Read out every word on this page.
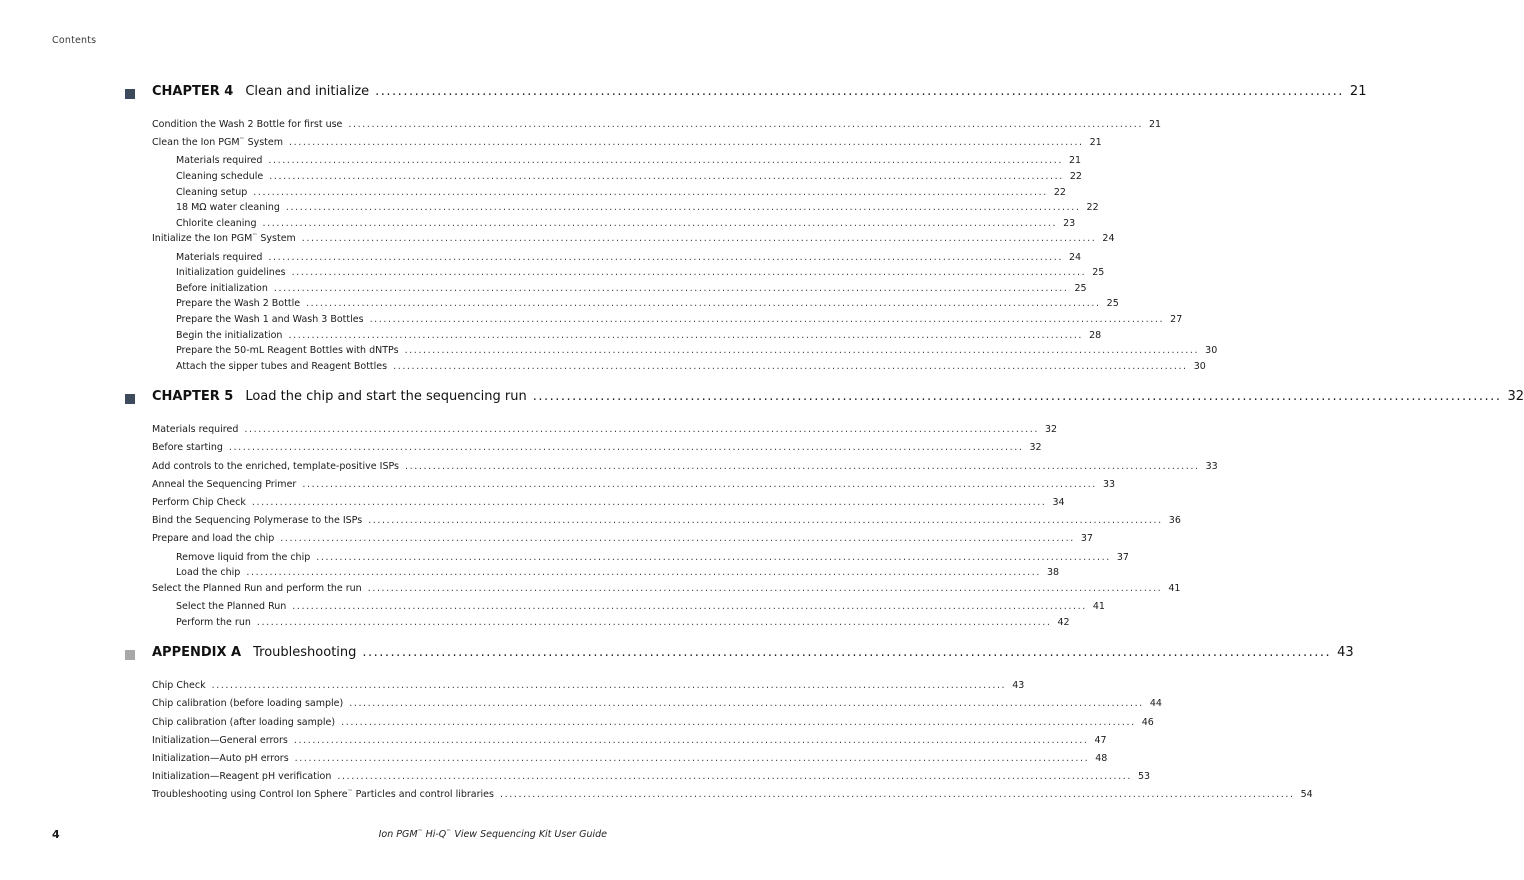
Contents
CHAPTER 4 Clean and initialize ............................................................................................................................................................................ 21
Condition the Wash 2 Bottle for first use ............................................................................................................................................................................ 21
Clean the Ion PGM™ System ............................................................................................................................................................................ 21
Materials required ............................................................................................................................................................................ 21
Cleaning schedule ............................................................................................................................................................................ 22
Cleaning setup ............................................................................................................................................................................ 22
18 MΩ water cleaning ............................................................................................................................................................................ 22
Chlorite cleaning ............................................................................................................................................................................ 23
Initialize the Ion PGM™ System ............................................................................................................................................................................ 24
Materials required ............................................................................................................................................................................ 24
Initialization guidelines ............................................................................................................................................................................ 25
Before initialization ............................................................................................................................................................................ 25
Prepare the Wash 2 Bottle ............................................................................................................................................................................ 25
Prepare the Wash 1 and Wash 3 Bottles ............................................................................................................................................................................ 27
Begin the initialization ............................................................................................................................................................................ 28
Prepare the 50-mL Reagent Bottles with dNTPs ............................................................................................................................................................................ 30
Attach the sipper tubes and Reagent Bottles ............................................................................................................................................................................ 30
CHAPTER 5 Load the chip and start the sequencing run ............................................................................................................................................................................ 32
Materials required ............................................................................................................................................................................ 32
Before starting ............................................................................................................................................................................ 32
Add controls to the enriched, template-positive ISPs ............................................................................................................................................................................ 33
Anneal the Sequencing Primer ............................................................................................................................................................................ 33
Perform Chip Check ............................................................................................................................................................................ 34
Bind the Sequencing Polymerase to the ISPs ............................................................................................................................................................................ 36
Prepare and load the chip ............................................................................................................................................................................ 37
Remove liquid from the chip ............................................................................................................................................................................ 37
Load the chip ............................................................................................................................................................................ 38
Select the Planned Run and perform the run ............................................................................................................................................................................ 41
Select the Planned Run ............................................................................................................................................................................ 41
Perform the run ............................................................................................................................................................................ 42
APPENDIX A Troubleshooting ............................................................................................................................................................................ 43
Chip Check ............................................................................................................................................................................ 43
Chip calibration (before loading sample) ............................................................................................................................................................................ 44
Chip calibration (after loading sample) ............................................................................................................................................................................ 46
Initialization—General errors ............................................................................................................................................................................ 47
Initialization—Auto pH errors ............................................................................................................................................................................ 48
Initialization—Reagent pH verification ............................................................................................................................................................................ 53
Troubleshooting using Control Ion Sphere™ Particles and control libraries ............................................................................................................................................................................ 54
4	Ion PGM™ Hi-Q™ View Sequencing Kit User Guide
